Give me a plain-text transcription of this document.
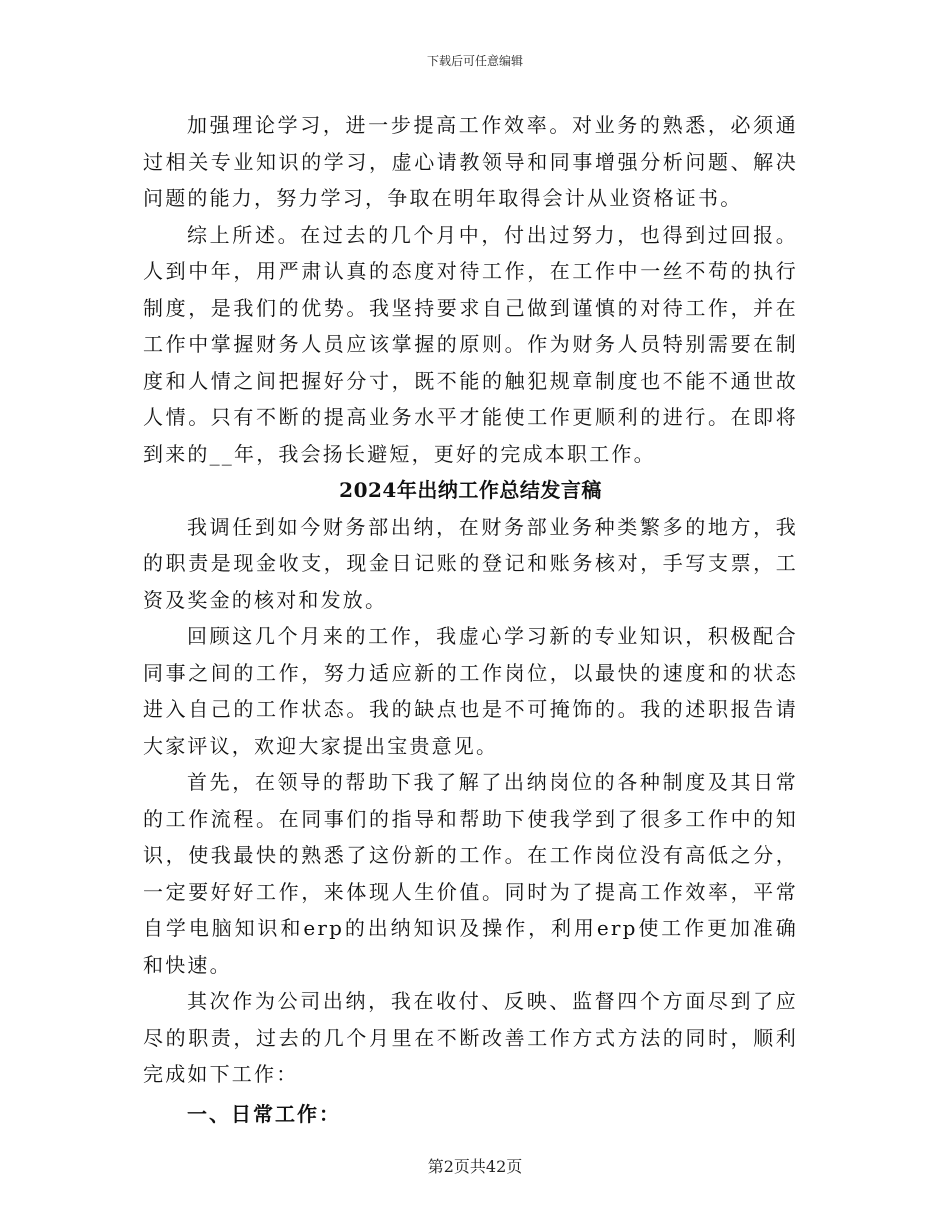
下载后可任意编辑

加强理论学习，进一步提高工作效率。对业务的熟悉，必须通过相关专业知识的学习，虚心请教领导和同事增强分析问题、解决问题的能力，努力学习，争取在明年取得会计从业资格证书。

综上所述。在过去的几个月中，付出过努力，也得到过回报。人到中年，用严肃认真的态度对待工作，在工作中一丝不苟的执行制度，是我们的优势。我坚持要求自己做到谨慎的对待工作，并在工作中掌握财务人员应该掌握的原则。作为财务人员特别需要在制度和人情之间把握好分寸，既不能的触犯规章制度也不能不通世故人情。只有不断的提高业务水平才能使工作更顺利的进行。在即将到来的__年，我会扬长避短，更好的完成本职工作。

2024年出纳工作总结发言稿

我调任到如今财务部出纳，在财务部业务种类繁多的地方，我的职责是现金收支，现金日记账的登记和账务核对，手写支票，工资及奖金的核对和发放。

回顾这几个月来的工作，我虚心学习新的专业知识，积极配合同事之间的工作，努力适应新的工作岗位，以最快的速度和的状态进入自己的工作状态。我的缺点也是不可掩饰的。我的述职报告请大家评议，欢迎大家提出宝贵意见。

首先，在领导的帮助下我了解了出纳岗位的各种制度及其日常的工作流程。在同事们的指导和帮助下使我学到了很多工作中的知识，使我最快的熟悉了这份新的工作。在工作岗位没有高低之分，一定要好好工作，来体现人生价值。同时为了提高工作效率，平常自学电脑知识和erp的出纳知识及操作，利用erp使工作更加准确和快速。

其次作为公司出纳，我在收付、反映、监督四个方面尽到了应尽的职责，过去的几个月里在不断改善工作方式方法的同时，顺利完成如下工作：

一、日常工作：

第2页共42页
